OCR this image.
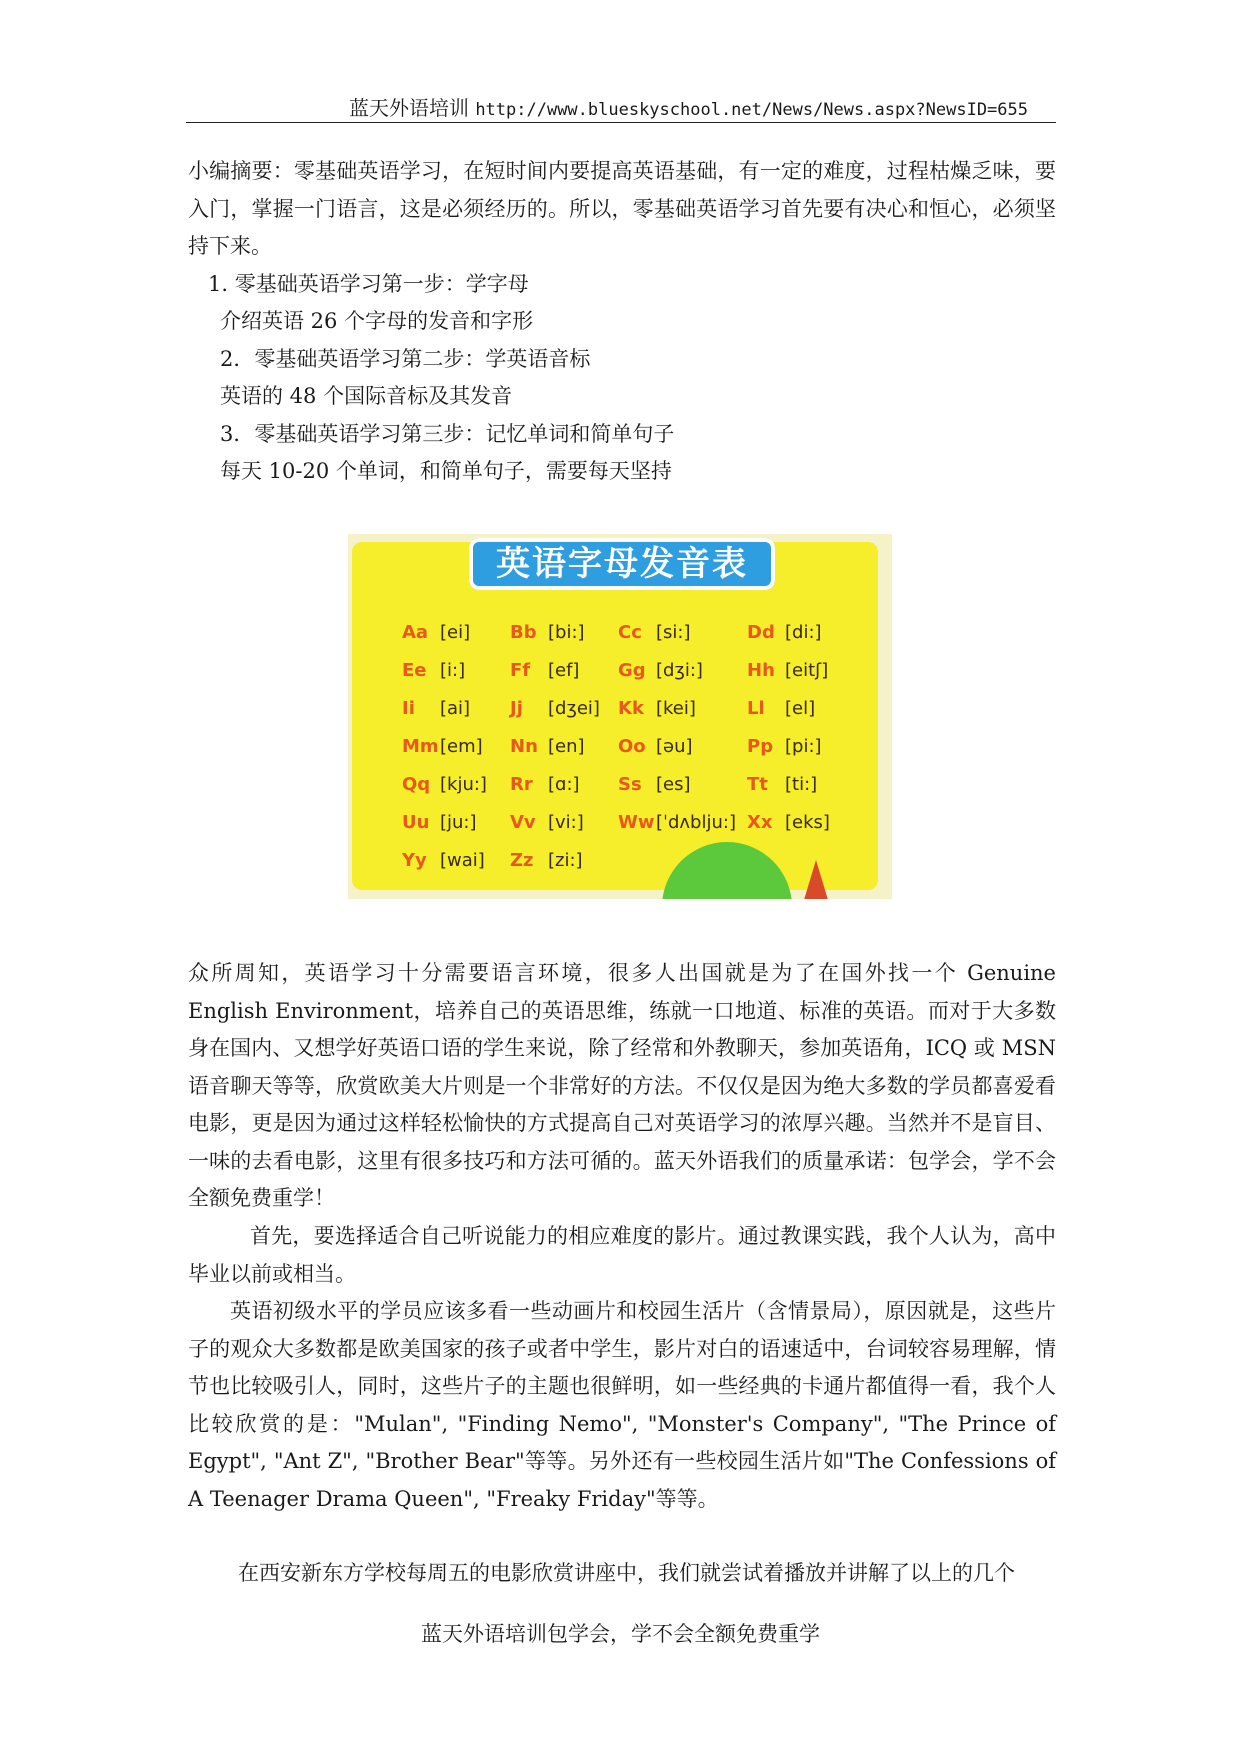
蓝天外语培训 http://www.blueskyschool.net/News/News.aspx?NewsID=655
小编摘要：零基础英语学习，在短时间内要提高英语基础，有一定的难度，过程枯燥乏味，要入门，掌握一门语言，这是必须经历的。所以，零基础英语学习首先要有决心和恒心，必须坚持下来。
1. 零基础英语学习第一步：学字母
介绍英语 26 个字母的发音和字形
2．零基础英语学习第二步：学英语音标
英语的 48 个国际音标及其发音
3．零基础英语学习第三步：记忆单词和简单句子
每天 10-20 个单词，和简单句子，需要每天坚持
英语字母发音表
Aa [ei] Bb [bi:] Cc [si:]	Dd [di:]
Ee [i:] Ff [ef] Gg [dʒi:] Hh [eitʃ]
Ii [ai] Jj [dʒei] Kk [kei]	Ll [el]
Mm[em] Nn [en] Oo [əu]	Pp [pi:]
Qq [kju:] Rr [ɑ:] Ss [es]	Tt [ti:]
Uu [ju:] Vv [vi:] Ww[ˈdʌblju:] Xx [eks]
Yy [wai] Zz [zi:]
众所周知，英语学习十分需要语言环境，很多人出国就是为了在国外找一个 Genuine English Environment，培养自己的英语思维，练就一口地道、标准的英语。而对于大多数身在国内、又想学好英语口语的学生来说，除了经常和外教聊天，参加英语角，ICQ 或 MSN 语音聊天等等，欣赏欧美大片则是一个非常好的方法。不仅仅是因为绝大多数的学员都喜爱看电影，更是因为通过这样轻松愉快的方式提高自己对英语学习的浓厚兴趣。当然并不是盲目、一味的去看电影，这里有很多技巧和方法可循的。蓝天外语我们的质量承诺：包学会，学不会全额免费重学！
首先，要选择适合自己听说能力的相应难度的影片。通过教课实践，我个人认为，高中毕业以前或相当。
英语初级水平的学员应该多看一些动画片和校园生活片（含情景局），原因就是，这些片子的观众大多数都是欧美国家的孩子或者中学生，影片对白的语速适中，台词较容易理解，情节也比较吸引人，同时，这些片子的主题也很鲜明，如一些经典的卡通片都值得一看，我个人比较欣赏的是："Mulan", "Finding Nemo", "Monster's Company", "The Prince of Egypt", "Ant Z", "Brother Bear"等等。另外还有一些校园生活片如"The Confessions of A Teenager Drama Queen", "Freaky Friday"等等。
在西安新东方学校每周五的电影欣赏讲座中，我们就尝试着播放并讲解了以上的几个
蓝天外语培训包学会，学不会全额免费重学
